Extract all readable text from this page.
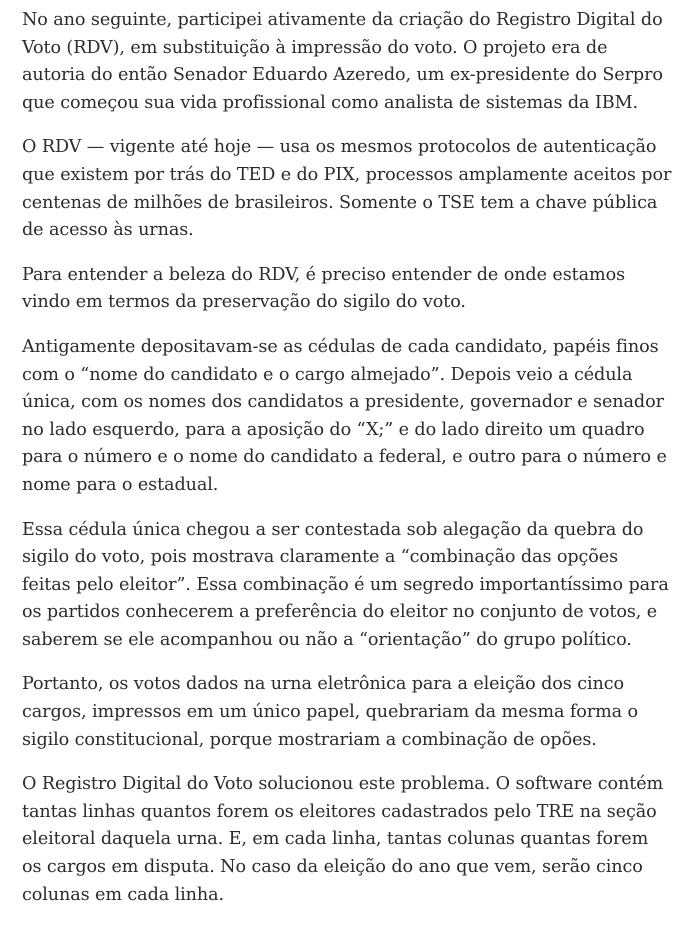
No ano seguinte, participei ativamente da criação do Registro Digital do Voto (RDV), em substituição à impressão do voto. O projeto era de autoria do então Senador Eduardo Azeredo, um ex-presidente do Serpro que começou sua vida profissional como analista de sistemas da IBM.

O RDV — vigente até hoje — usa os mesmos protocolos de autenticação que existem por trás do TED e do PIX, processos amplamente aceitos por centenas de milhões de brasileiros. Somente o TSE tem a chave pública de acesso às urnas.

Para entender a beleza do RDV, é preciso entender de onde estamos vindo em termos da preservação do sigilo do voto.

Antigamente depositavam-se as cédulas de cada candidato, papéis finos com o “nome do candidato e o cargo almejado”. Depois veio a cédula única, com os nomes dos candidatos a presidente, governador e senador no lado esquerdo, para a aposição do “X;” e do lado direito um quadro para o número e o nome do candidato a federal, e outro para o número e nome para o estadual.

Essa cédula única chegou a ser contestada sob alegação da quebra do sigilo do voto, pois mostrava claramente a “combinação das opções feitas pelo eleitor”. Essa combinação é um segredo importantíssimo para os partidos conhecerem a preferência do eleitor no conjunto de votos, e saberem se ele acompanhou ou não a “orientação” do grupo político.

Portanto, os votos dados na urna eletrônica para a eleição dos cinco cargos, impressos em um único papel, quebrariam da mesma forma o sigilo constitucional, porque mostrariam a combinação de opões.

O Registro Digital do Voto solucionou este problema. O software contém tantas linhas quantos forem os eleitores cadastrados pelo TRE na seção eleitoral daquela urna. E, em cada linha, tantas colunas quantas forem os cargos em disputa. No caso da eleição do ano que vem, serão cinco colunas em cada linha.
